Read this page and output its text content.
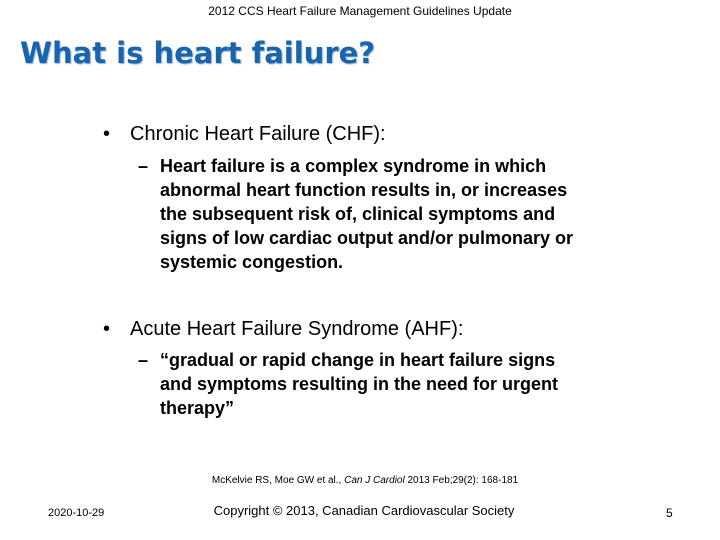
2012 CCS Heart Failure Management Guidelines Update
What is heart failure?
• Chronic Heart Failure (CHF):
– Heart failure is a complex syndrome in which
abnormal heart function results in, or increases
the subsequent risk of, clinical symptoms and
signs of low cardiac output and/or pulmonary or
systemic congestion.
• Acute Heart Failure Syndrome (AHF):
– “gradual or rapid change in heart failure signs
and symptoms resulting in the need for urgent
therapy”
McKelvie RS, Moe GW et al., Can J Cardiol 2013 Feb;29(2): 168-181
2020-10-29	Copyright © 2013, Canadian Cardiovascular Society	5
